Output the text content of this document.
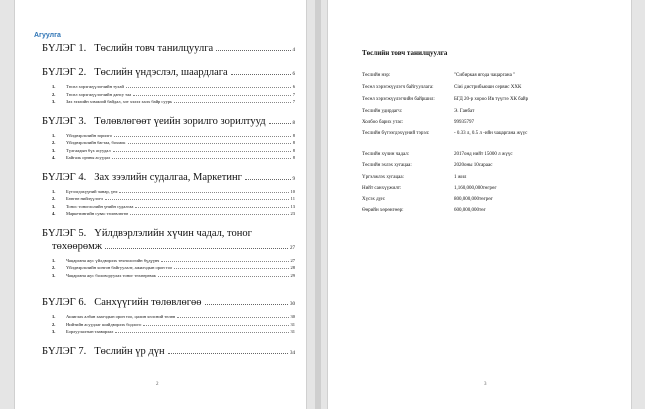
Агуулга
БҮЛЭГ 1. Төслийн товч танилцуулга	4
БҮЛЭГ 2. Төслийн үндэслэл, шаардлага	6
1.	Төсөл хэрэгжүүлэгчийн тухай	6
2.	Төсөл хэрэгжүүлэгчийн дансу таа	7
3.	Зах зээлийн хэмжээй байдал, хэт хэлхэ халх байр суурь	7
БҮЛЭГ 3. Төлөвлөгөөт үеийн зорилго зорилтууд	8
1.	Үйлдвэрлэлийн зорилго	8
2.	Үйлдвэрлэлийн багтаа, бохмок	8
3.	Түлгаадын бүх асуудал	8
4.	Байгаль орчны асуудал	8
БҮЛЭГ 4. Зах зээлийн судалгаа, Маркетинг	9
1.	Бүтээгдэхүүний чанар, үнэ	10
2.	Бөөгөө нийлүүлэгч	11
3.	Тонос тоноглолийн үнийн судалгаа	13
4.	Маркетингийн сувас төлөвлөгөө	23
БҮЛЭГ 5. Үйлдвэрлэлийн хүчин чадал, тоног
төхөөрөмж	27
1.	Чацаргана жус үйлдвэрлэх технологийн бүдүүвч	27
2.	Үйлдвэрлэлийн хонгон байгуулалт, ажилчдын орон тоо	28
3.	Чацаргана жус боловсруулах тоног төхөөрөмж	29
БҮЛЭГ 6. Санхүүгийн төлөвлөгөө	30
1.	Ашиглах албан хаагчдын орон тоо, цалин хөлсний төлөв	30
2.	Нийтийн асуудлаг шийдвэрлэх бодлого	31
3.	Борлуулалтын тааварлал	31
БҮЛЭГ 7. Төслийн үр дүн	34
2
Төслийн товч танилцуулга
Төслийн нэр:	"Сибиркая ягода чацаргана "
Төсөл хэрэгжүүлэгч байгууллага:	Сіиі дистрибьюшн сервис ХХК
Төсөл хэрэгжүүлэгчийн байршил:	БГД 20-р хороо Ив түүгээ ХК байр
Төслийн удирдагч:	Э. Ганбат
Холбоо барих утас:	99935797
Төслийн бүтээгдэхүүний тэрэл:	- 0.33 л, 0.5 л -ийн чацаргана жүүс
Төслийн хүчин чадал:	2017онд нийт 15000 л жүүс
Төслийн эхлэх хугацаа:	2020оны 10сарааc
Үргэлжлэх хугацаа:	1 жил
Нийт санхүүжилт:	1,160,000,000төгрөг
Хүсэх дүн:	800,000,000төгрөг
Өөрийн хөрөнгөөр:	600,000,000төг
3
